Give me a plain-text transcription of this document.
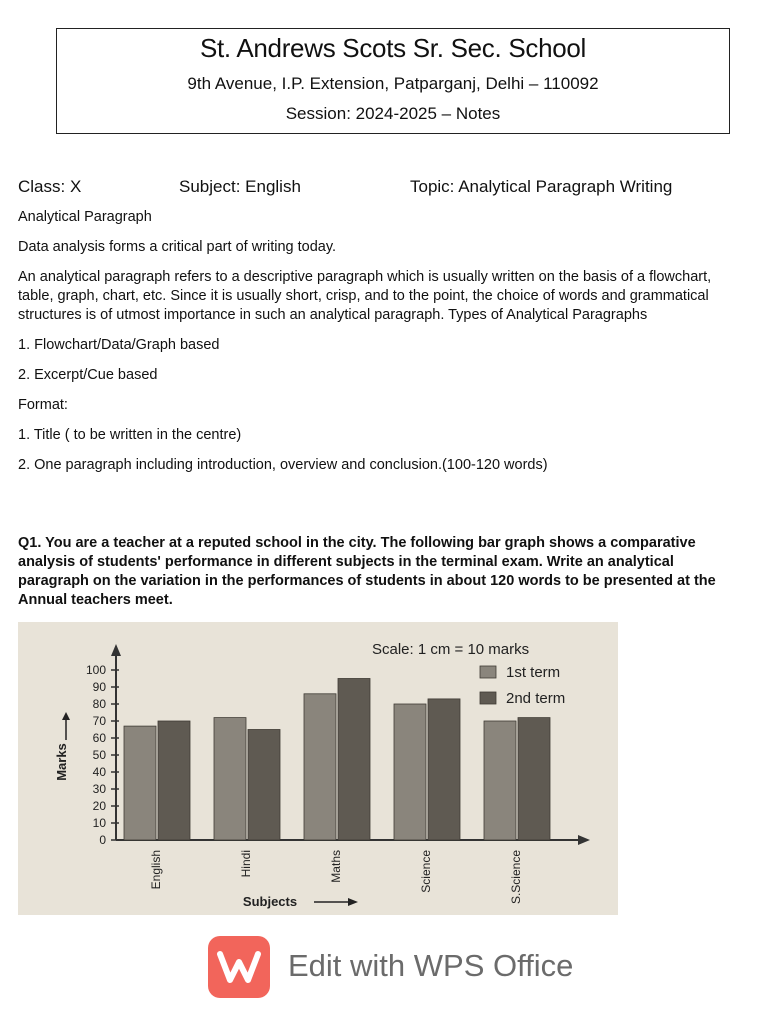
St. Andrews Scots Sr. Sec. School
9th Avenue, I.P. Extension, Patparganj, Delhi – 110092
Session: 2024-2025 – Notes
Class: X	Subject: English	Topic: Analytical Paragraph Writing

Analytical Paragraph

Data analysis forms a critical part of writing today.

An analytical paragraph refers to a descriptive paragraph which is usually written on the basis of a flowchart, table, graph, chart, etc. Since it is usually short, crisp, and to the point, the choice of words and grammatical structures is of utmost importance in such an analytical paragraph. Types of Analytical Paragraphs

1. Flowchart/Data/Graph based

2. Excerpt/Cue based

Format:

1. Title ( to be written in the centre)

2. One paragraph including introduction, overview and conclusion.(100-120 words)

Q1. You are a teacher at a reputed school in the city. The following bar graph shows a comparative analysis of students' performance in different subjects in the terminal exam. Write an analytical paragraph on the variation in the performances of students in about 120 words to be presented at the Annual teachers meet.
0
10
20
30
40
50
60
70
80
90
100
Marks
English	Hindi	Maths	Science	S.Science
Subjects
Scale: 1 cm = 10 marks
1st term
2nd term
Edit with WPS Office
